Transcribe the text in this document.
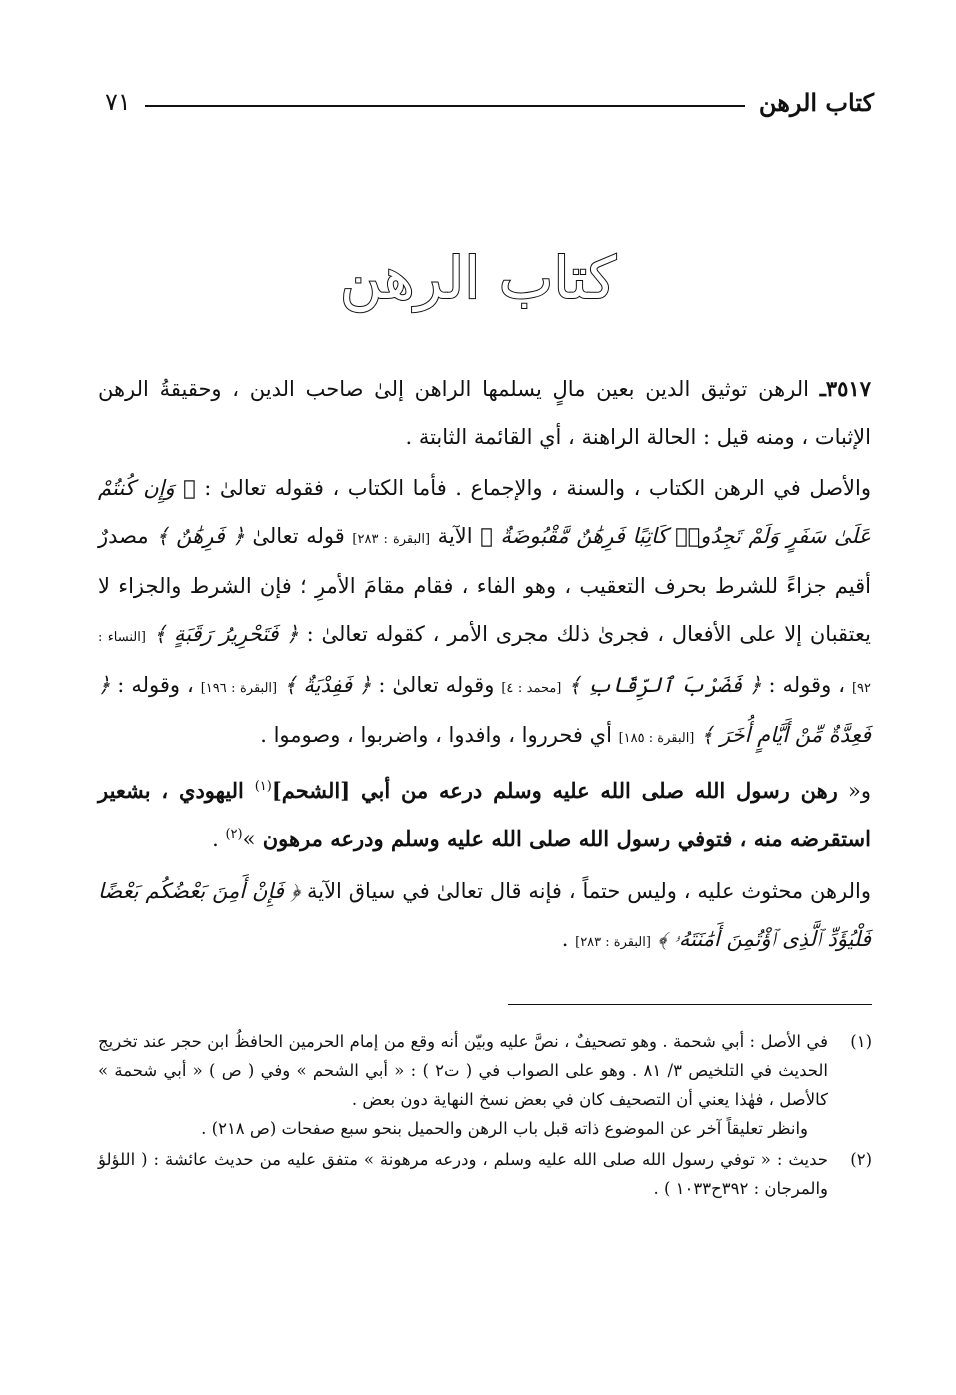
كتاب الرهن
٧١
كتاب الرهن

٣٥١٧ـ الرهن توثيق الدين بعين مالٍ يسلمها الراهن إلىٰ صاحب الدين ، وحقيقةُ الرهن الإثبات ، ومنه قيل : الحالة الراهنة ، أي القائمة الثابتة .

والأصل في الرهن الكتاب ، والسنة ، والإجماع . فأما الكتاب ، فقوله تعالىٰ : ﴿ وَإِن كُنتُمْ عَلَىٰ سَفَرٍ وَلَمْ تَجِدُوا۟ كَاتِبًا فَرِهَٰنٌ مَّقْبُوضَةٌ ﴾ الآية [البقرة : ٢٨٣] قوله تعالىٰ ﴿ فَرِهَٰنٌ ﴾ مصدرٌ أقيم جزاءً للشرط بحرف التعقيب ، وهو الفاء ، فقام مقامَ الأمرِ ؛ فإن الشرط والجزاء لا يعتقبان إلا على الأفعال ، فجرىٰ ذلك مجرى الأمر ، كقوله تعالىٰ : ﴿ فَتَحْرِيرُ رَقَبَةٍ ﴾ [النساء : ٩٢] ، وقوله : ﴿ فَضَرْبَ ٱلرِّقَابِ ﴾ [محمد : ٤] وقوله تعالىٰ : ﴿ فَفِدْيَةٌ ﴾ [البقرة : ١٩٦] ، وقوله : ﴿ فَعِدَّةٌ مِّنْ أَيَّامٍ أُخَرَ ﴾ [البقرة : ١٨٥] أي فحرروا ، وافدوا ، واضربوا ، وصوموا .

و« رهن رسول الله صلى الله عليه وسلم درعه من أبي [الشحم]$^{(١)}$ اليهودي ، بشعير استقرضه منه ، فتوفي رسول الله صلى الله عليه وسلم ودرعه مرهون »$^{(٢)}$ .

والرهن محثوث عليه ، وليس حتماً ، فإنه قال تعالىٰ في سياق الآية ﴿ فَإِنْ أَمِنَ بَعْضُكُم بَعْضًا فَلْيُؤَدِّ ٱلَّذِى ٱؤْتُمِنَ أَمَٰنَتَهُۥ ﴾ [البقرة : ٢٨٣] .

(١)

في الأصل : أبي شحمة . وهو تصحيفٌ ، نصَّ عليه وبيّن أنه وقع من إمام الحرمين الحافظُ ابن حجر عند تخريج الحديث في التلخيص ٣/ ٨١ . وهو على الصواب في ( ت٢ ) : « أبي الشحم » وفي ( ص ) « أبي شحمة » كالأصل ، فهٰذا يعني أن التصحيف كان في بعض نسخ النهاية دون بعض .

وانظر تعليقاً آخر عن الموضوع ذاته قبل باب الرهن والحميل بنحو سبع صفحات (ص ٢١٨) .

(٢)

حديث : « توفي رسول الله صلى الله عليه وسلم ، ودرعه مرهونة » متفق عليه من حديث عائشة : ( اللؤلؤ والمرجان : ٣٩٢ح١٠٣٣ ) .
